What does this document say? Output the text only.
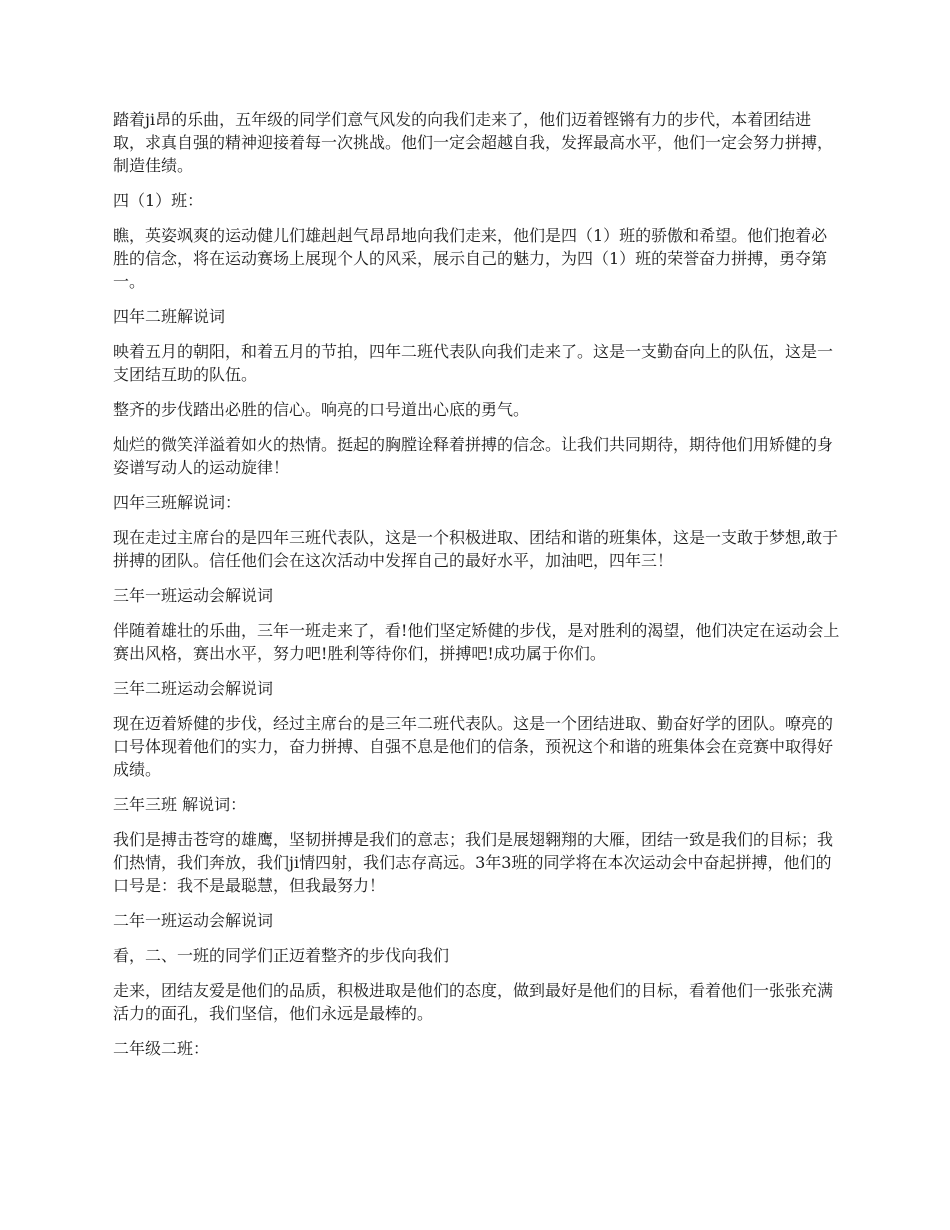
踏着ji昂的乐曲，五年级的同学们意气风发的向我们走来了，他们迈着铿锵有力的步代，本着团结进取，求真自强的精神迎接着每一次挑战。他们一定会超越自我，发挥最高水平，他们一定会努力拼搏，制造佳绩。

四（1）班：

瞧，英姿飒爽的运动健儿们雄赳赳气昂昂地向我们走来，他们是四（1）班的骄傲和希望。他们抱着必胜的信念，将在运动赛场上展现个人的风采，展示自己的魅力，为四（1）班的荣誉奋力拼搏，勇夺第一。

四年二班解说词

映着五月的朝阳，和着五月的节拍，四年二班代表队向我们走来了。这是一支勤奋向上的队伍，这是一支团结互助的队伍。

整齐的步伐踏出必胜的信心。响亮的口号道出心底的勇气。

灿烂的微笑洋溢着如火的热情。挺起的胸膛诠释着拼搏的信念。让我们共同期待，期待他们用矫健的身姿谱写动人的运动旋律！

四年三班解说词：

现在走过主席台的是四年三班代表队，这是一个积极进取、团结和谐的班集体，这是一支敢于梦想,敢于拼搏的团队。信任他们会在这次活动中发挥自己的最好水平，加油吧，四年三！

三年一班运动会解说词

伴随着雄壮的乐曲，三年一班走来了，看!他们坚定矫健的步伐，是对胜利的渴望，他们决定在运动会上赛出风格，赛出水平，努力吧!胜利等待你们，拼搏吧!成功属于你们。

三年二班运动会解说词

现在迈着矫健的步伐，经过主席台的是三年二班代表队。这是一个团结进取、勤奋好学的团队。嘹亮的口号体现着他们的实力，奋力拼搏、自强不息是他们的信条，预祝这个和谐的班集体会在竞赛中取得好成绩。

三年三班 解说词：

我们是搏击苍穹的雄鹰，坚韧拼搏是我们的意志；我们是展翅翱翔的大雁，团结一致是我们的目标；我们热情，我们奔放，我们ji情四射，我们志存高远。3年3班的同学将在本次运动会中奋起拼搏，他们的口号是：我不是最聪慧，但我最努力！

二年一班运动会解说词

看，二、一班的同学们正迈着整齐的步伐向我们

走来，团结友爱是他们的品质，积极进取是他们的态度，做到最好是他们的目标，看着他们一张张充满活力的面孔，我们坚信，他们永远是最棒的。

二年级二班：
